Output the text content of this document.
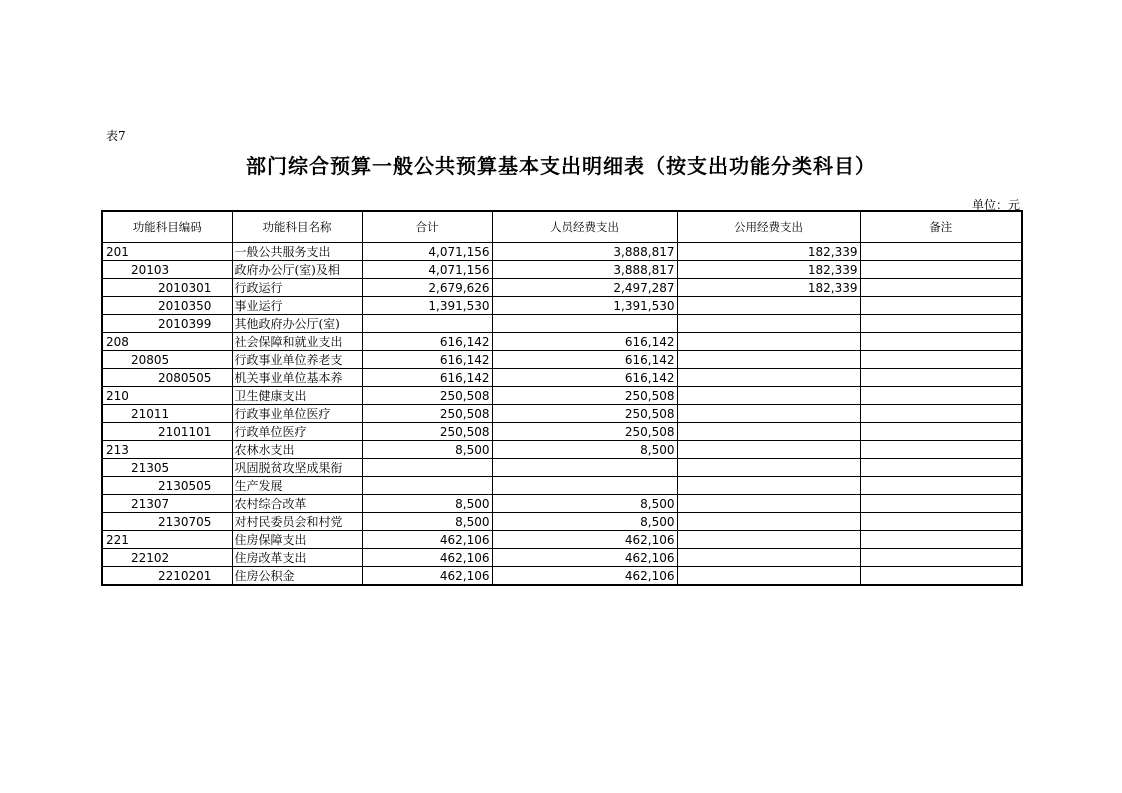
表7
部门综合预算一般公共预算基本支出明细表（按支出功能分类科目）
单位：元
功能科目编码	功能科目名称	合计	人员经费支出	公用经费支出	备注
201	一般公共服务支出	4,071,156	3,888,817	182,339	
20103	政府办公厅(室)及相	4,071,156	3,888,817	182,339	
2010301	行政运行	2,679,626	2,497,287	182,339	
2010350	事业运行	1,391,530	1,391,530		
2010399	其他政府办公厅(室)				
208	社会保障和就业支出	616,142	616,142		
20805	行政事业单位养老支	616,142	616,142		
2080505	机关事业单位基本养	616,142	616,142		
210	卫生健康支出	250,508	250,508		
21011	行政事业单位医疗	250,508	250,508		
2101101	行政单位医疗	250,508	250,508		
213	农林水支出	8,500	8,500		
21305	巩固脱贫攻坚成果衔				
2130505	生产发展				
21307	农村综合改革	8,500	8,500		
2130705	对村民委员会和村党	8,500	8,500		
221	住房保障支出	462,106	462,106		
22102	住房改革支出	462,106	462,106		
2210201	住房公积金	462,106	462,106		
